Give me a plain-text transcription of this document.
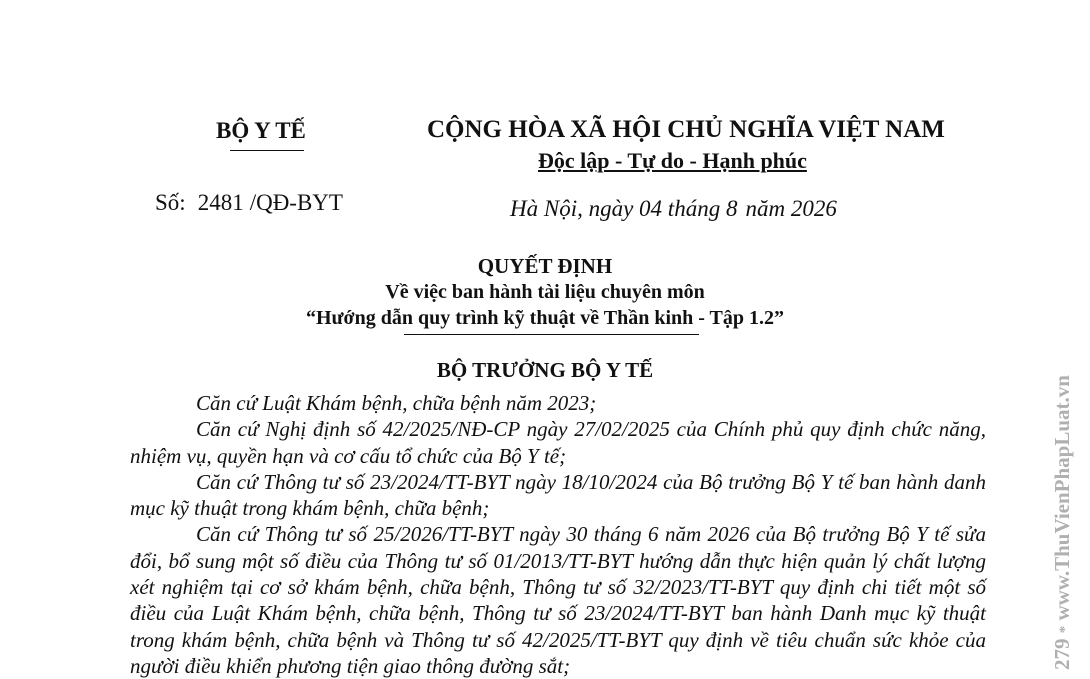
BỘ Y TẾ	CỘNG HÒA XÃ HỘI CHỦ NGHĨA VIỆT NAM
Độc lập - Tự do - Hạnh phúc
Số: 2481 /QĐ-BYT	Hà Nội, ngày 04 tháng 8 năm 2026
QUYẾT ĐỊNH
Về việc ban hành tài liệu chuyên môn
“Hướng dẫn quy trình kỹ thuật về Thần kinh - Tập 1.2”
BỘ TRƯỞNG BỘ Y TẾ

Căn cứ Luật Khám bệnh, chữa bệnh năm 2023;

Căn cứ Nghị định số 42/2025/NĐ-CP ngày 27/02/2025 của Chính phủ quy định chức năng, nhiệm vụ, quyền hạn và cơ cấu tổ chức của Bộ Y tế;

Căn cứ Thông tư số 23/2024/TT-BYT ngày 18/10/2024 của Bộ trưởng Bộ Y tế ban hành danh mục kỹ thuật trong khám bệnh, chữa bệnh;

Căn cứ Thông tư số 25/2026/TT-BYT ngày 30 tháng 6 năm 2026 của Bộ trưởng Bộ Y tế sửa đổi, bổ sung một số điều của Thông tư số 01/2013/TT-BYT hướng dẫn thực hiện quản lý chất lượng xét nghiệm tại cơ sở khám bệnh, chữa bệnh, Thông tư số 32/2023/TT-BYT quy định chi tiết một số điều của Luật Khám bệnh, chữa bệnh, Thông tư số 23/2024/TT-BYT ban hành Danh mục kỹ thuật trong khám bệnh, chữa bệnh và Thông tư số 42/2025/TT-BYT quy định về tiêu chuẩn sức khỏe của người điều khiển phương tiện giao thông đường sắt;	279 * www.ThuVienPhapLuat.vn
